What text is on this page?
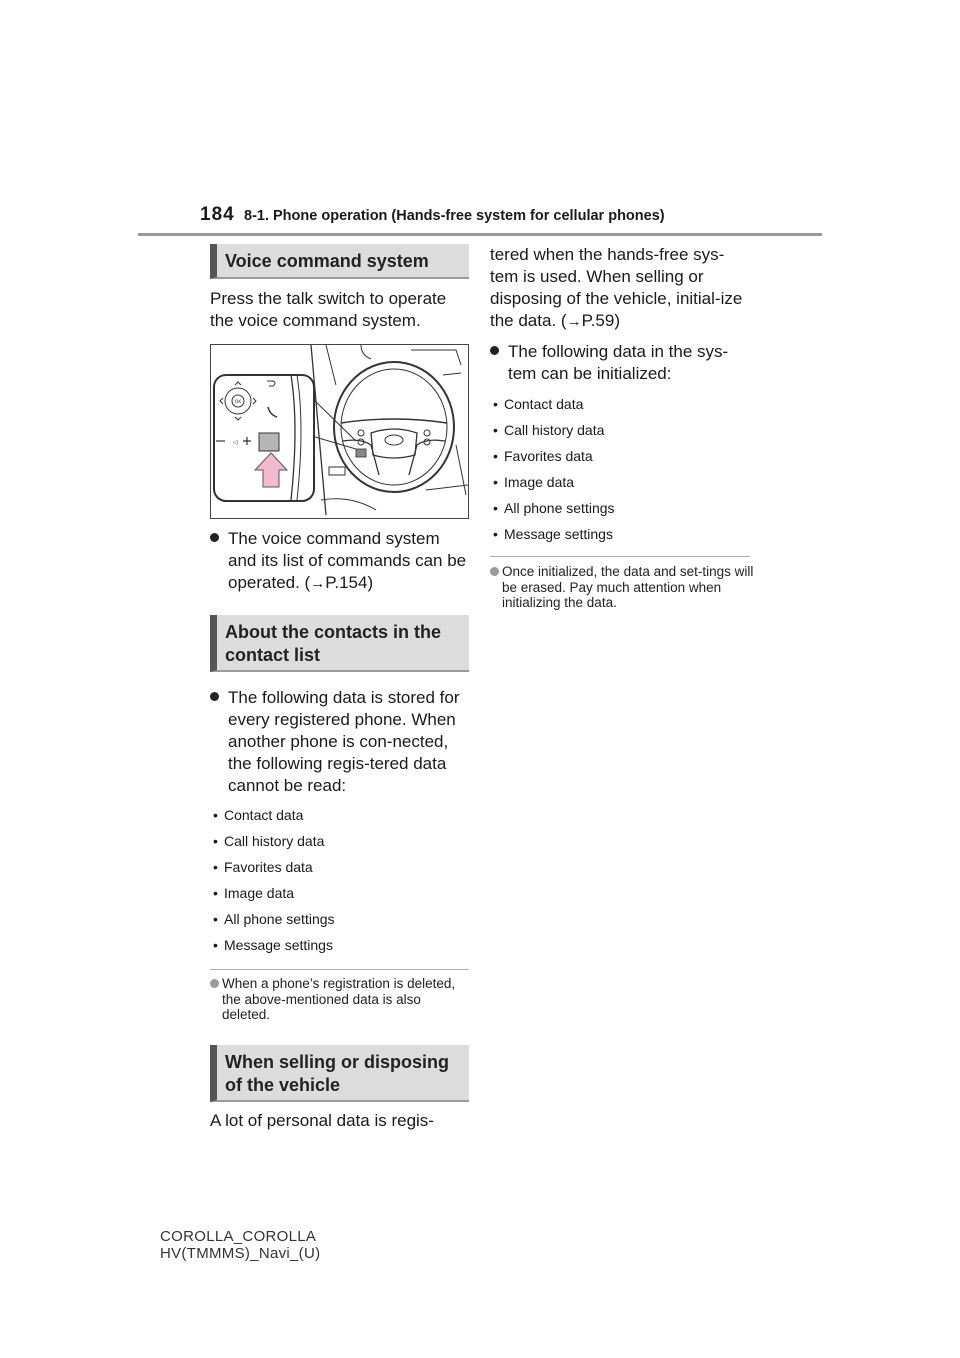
184 8-1. Phone operation (Hands-free system for cellular phones)
Voice command system

Press the talk switch to operate the voice command system.

OK
◁
The voice command system and its list of commands can be operated. (→P.154)
About the contacts in the
contact list
The following data is stored for every registered phone. When another phone is con-nected, the following regis-tered data cannot be read:
• Contact data
• Call history data
• Favorites data
• Image data
• All phone settings
• Message settings
When a phone’s registration is deleted, the above-mentioned data is also deleted.
When selling or disposing
of the vehicle

A lot of personal data is regis-

tered when the hands-free sys-tem is used. When selling or disposing of the vehicle, initial-ize the data. (→P.59)

The following data in the sys-tem can be initialized:
• Contact data
• Call history data
• Favorites data
• Image data
• All phone settings
• Message settings
Once initialized, the data and set-tings will be erased. Pay much attention when initializing the data.
COROLLA_COROLLA
HV(TMMMS)_Navi_(U)
